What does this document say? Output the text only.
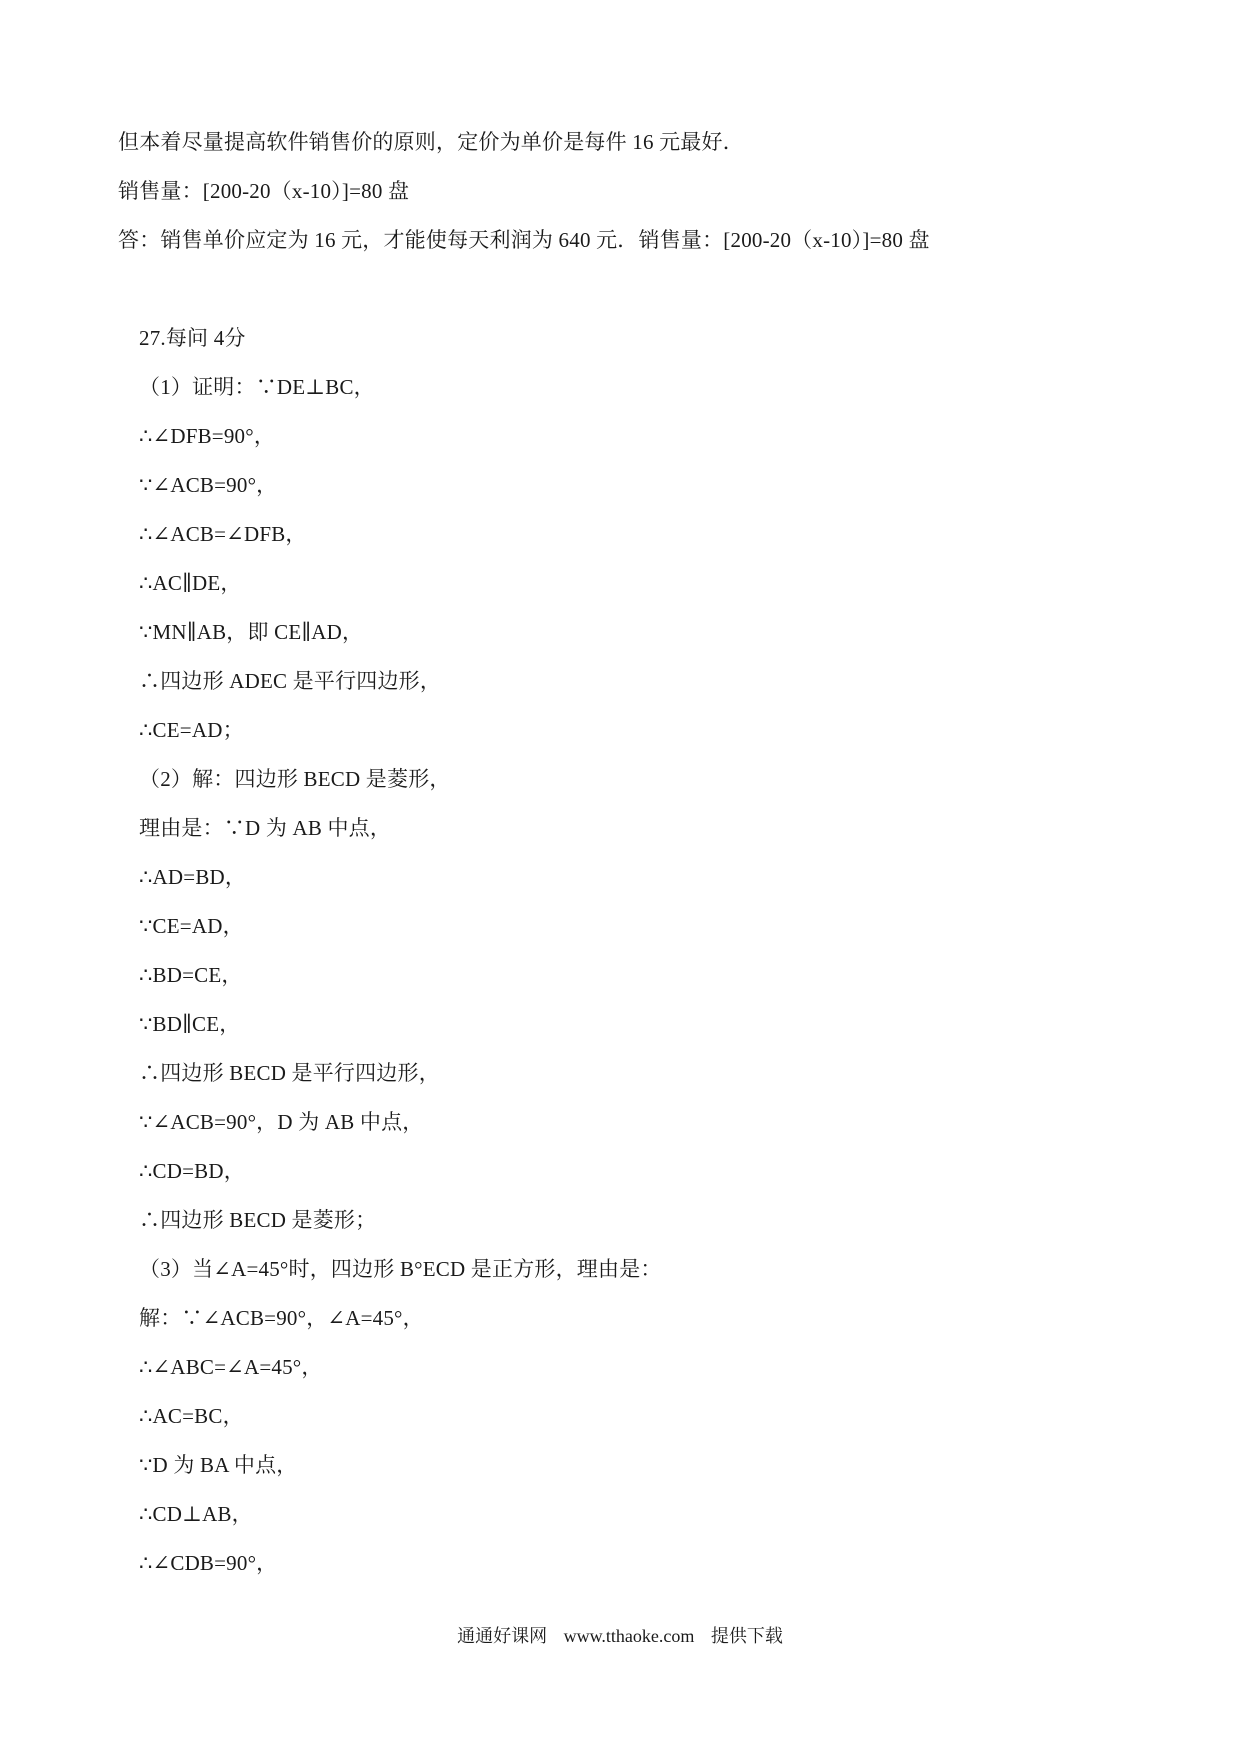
但本着尽量提高软件销售价的原则，定价为单价是每件 16 元最好．
销售量：[200-20（x-10）]=80 盘
答：销售单价应定为 16 元，才能使每天利润为 640 元．销售量：[200-20（x-10）]=80 盘
27.每问 4分
（1）证明：∵DE⊥BC，
∴∠DFB=90°，
∵∠ACB=90°，
∴∠ACB=∠DFB，
∴AC∥DE，
∵MN∥AB，即 CE∥AD，
∴四边形 ADEC 是平行四边形，
∴CE=AD；
（2）解：四边形 BECD 是菱形，
理由是：∵D 为 AB 中点，
∴AD=BD，
∵CE=AD，
∴BD=CE，
∵BD∥CE，
∴四边形 BECD 是平行四边形，
∵∠ACB=90°，D 为 AB 中点，
∴CD=BD，
∴四边形 BECD 是菱形；
（3）当∠A=45°时，四边形 B°ECD 是正方形，理由是：
解：∵∠ACB=90°，∠A=45°，
∴∠ABC=∠A=45°，
∴AC=BC，
∵D 为 BA 中点，
∴CD⊥AB，
∴∠CDB=90°，
通通好课网 www.tthaoke.com 提供下载
